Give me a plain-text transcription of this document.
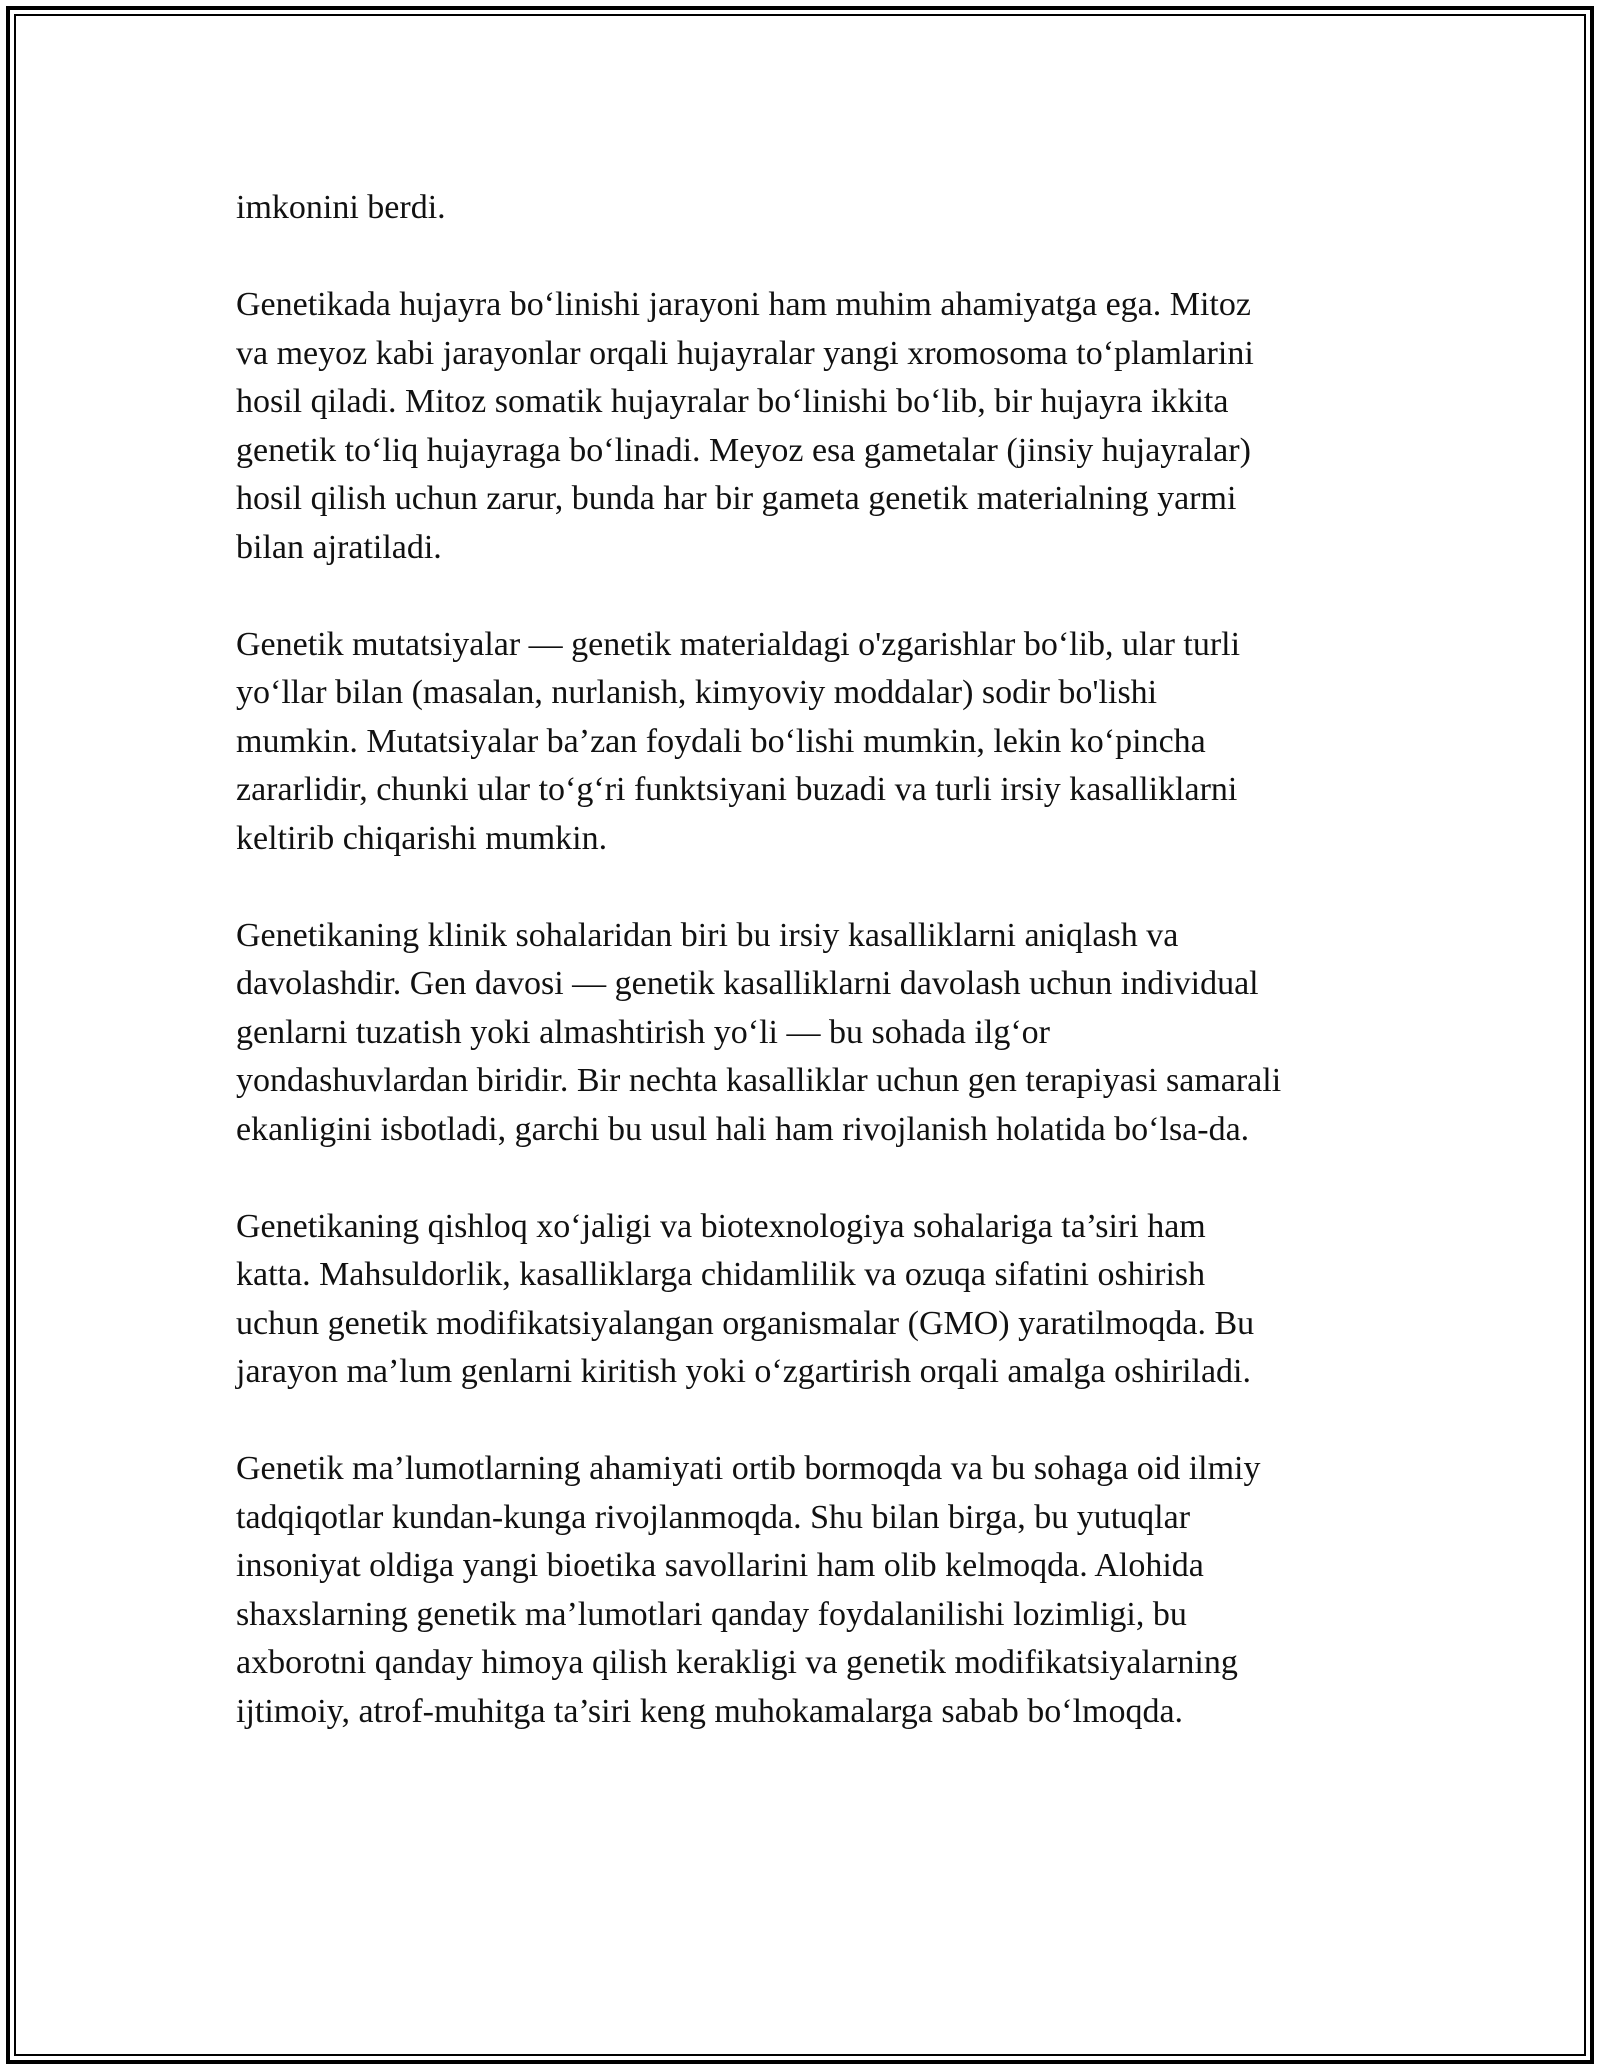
imkonini berdi.
Genetikada hujayra bo‘linishi jarayoni ham muhim ahamiyatga ega. Mitoz
va meyoz kabi jarayonlar orqali hujayralar yangi xromosoma to‘plamlarini
hosil qiladi. Mitoz somatik hujayralar bo‘linishi bo‘lib, bir hujayra ikkita
genetik to‘liq hujayraga bo‘linadi. Meyoz esa gametalar (jinsiy hujayralar)
hosil qilish uchun zarur, bunda har bir gameta genetik materialning yarmi
bilan ajratiladi.
Genetik mutatsiyalar — genetik materialdagi o'zgarishlar bo‘lib, ular turli
yo‘llar bilan (masalan, nurlanish, kimyoviy moddalar) sodir bo'lishi
mumkin. Mutatsiyalar ba’zan foydali bo‘lishi mumkin, lekin ko‘pincha
zararlidir, chunki ular to‘g‘ri funktsiyani buzadi va turli irsiy kasalliklarni
keltirib chiqarishi mumkin.
Genetikaning klinik sohalaridan biri bu irsiy kasalliklarni aniqlash va
davolashdir. Gen davosi — genetik kasalliklarni davolash uchun individual
genlarni tuzatish yoki almashtirish yo‘li — bu sohada ilg‘or
yondashuvlardan biridir. Bir nechta kasalliklar uchun gen terapiyasi samarali
ekanligini isbotladi, garchi bu usul hali ham rivojlanish holatida bo‘lsa-da.
Genetikaning qishloq xo‘jaligi va biotexnologiya sohalariga ta’siri ham
katta. Mahsuldorlik, kasalliklarga chidamlilik va ozuqa sifatini oshirish
uchun genetik modifikatsiyalangan organismalar (GMO) yaratilmoqda. Bu
jarayon ma’lum genlarni kiritish yoki o‘zgartirish orqali amalga oshiriladi.
Genetik ma’lumotlarning ahamiyati ortib bormoqda va bu sohaga oid ilmiy
tadqiqotlar kundan-kunga rivojlanmoqda. Shu bilan birga, bu yutuqlar
insoniyat oldiga yangi bioetika savollarini ham olib kelmoqda. Alohida
shaxslarning genetik ma’lumotlari qanday foydalanilishi lozimligi, bu
axborotni qanday himoya qilish kerakligi va genetik modifikatsiyalarning
ijtimoiy, atrof-muhitga ta’siri keng muhokamalarga sabab bo‘lmoqda.
